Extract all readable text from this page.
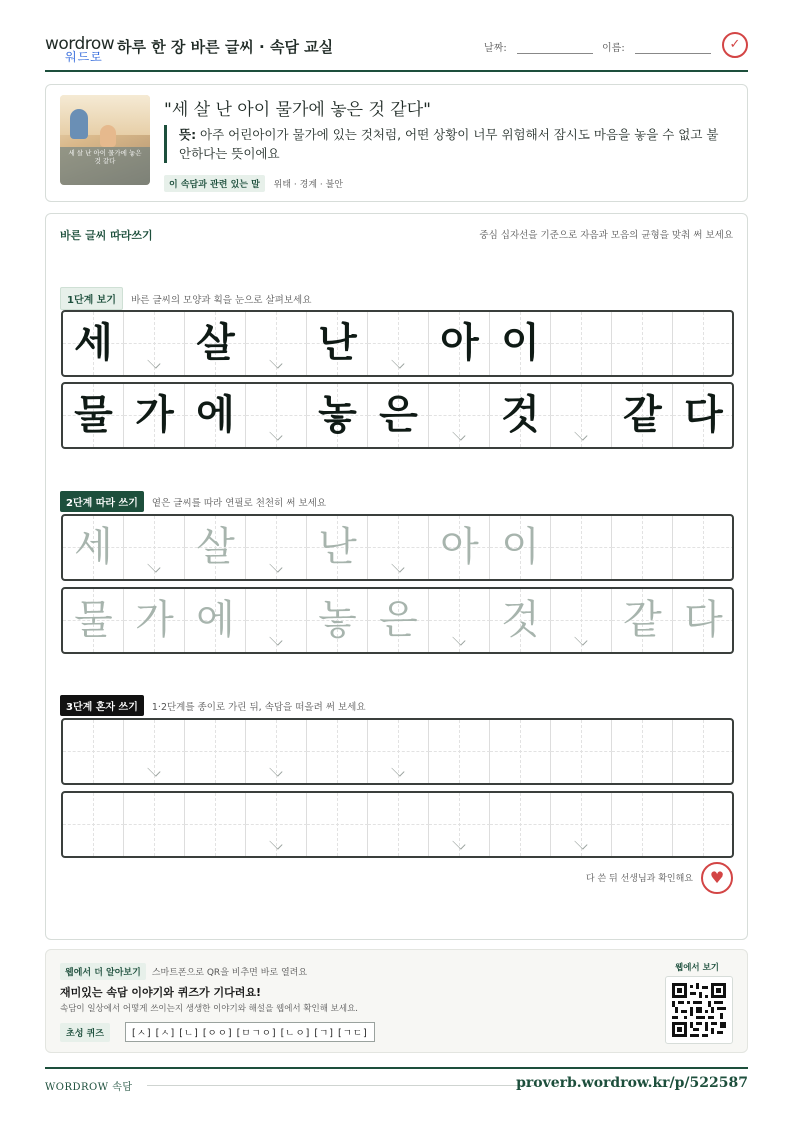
wordrow
워드로
하루 한 장 바른 글씨 · 속담 교실	날짜:	이름:	✓
세 살 난 아이 물가에 놓은 것 같다
"세 살 난 아이 물가에 놓은 것 같다"
뜻: 아주 어린아이가 물가에 있는 것처럼, 어떤 상황이 너무 위험해서 잠시도 마음을 놓을 수 없고 불안하다는 뜻이에요
이 속담과 관련 있는 말 위태 · 경계 · 불안
바른 글씨 따라쓰기	중심 십자선을 기준으로 자음과 모음의 균형을 맞춰 써 보세요
1단계 보기 바른 글씨의 모양과 획을 눈으로 살펴보세요
세 살 난 아 이
물 가 에 놓 은 것 같 다
2단계 따라 쓰기 옅은 글씨를 따라 연필로 천천히 써 보세요
세 살 난 아 이
물 가 에 놓 은 것 같 다
3단계 혼자 쓰기 1·2단계를 종이로 가린 뒤, 속담을 떠올려 써 보세요
다 쓴 뒤 선생님과 확인해요	♥
웹에서 더 알아보기 스마트폰으로 QR을 비추면 바로 열려요
재미있는 속담 이야기와 퀴즈가 기다려요!
속담이 일상에서 어떻게 쓰이는지 생생한 이야기와 해설을 웹에서 확인해 보세요.
초성 퀴즈	[ㅅ] [ㅅ] [ㄴ] [ㅇㅇ] [ㅁㄱㅇ] [ㄴㅇ] [ㄱ] [ㄱㄷ]
웹에서 보기
WORDROW 속담	proverb.wordrow.kr/p/522587
